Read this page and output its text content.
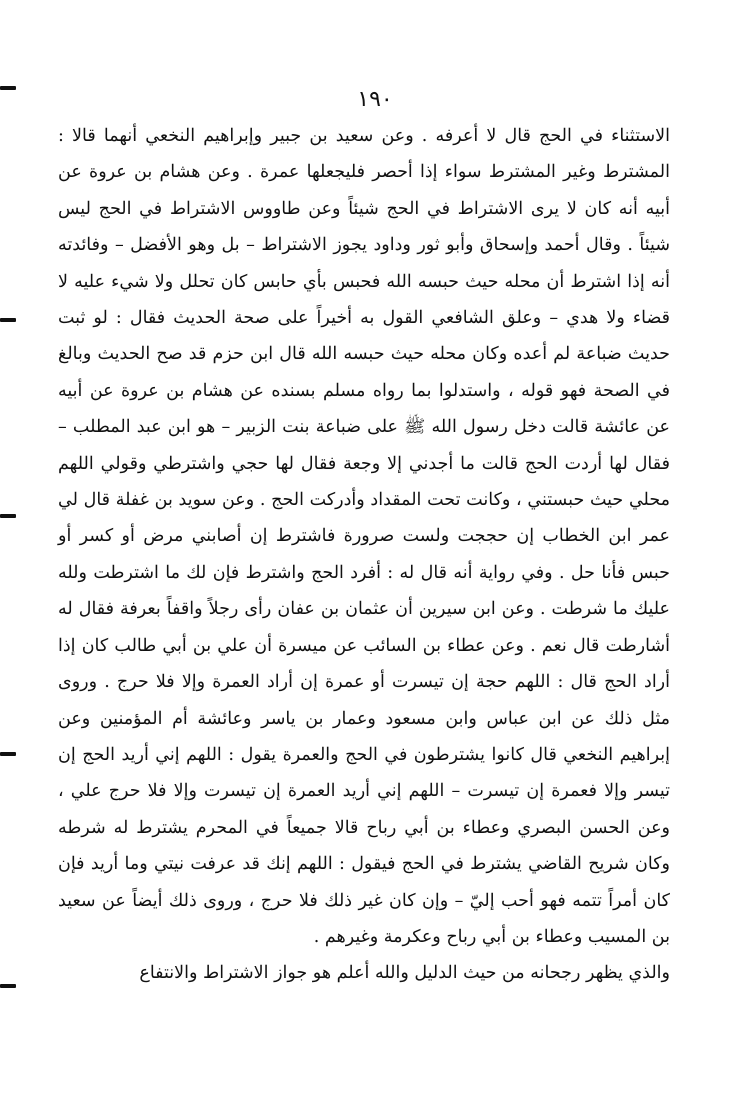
١٩٠

الاستثناء في الحج قال لا أعرفه . وعن سعيد بن جبير وإبراهيم النخعي أنهما قالا : المشترط وغير المشترط سواء إذا أحصر فليجعلها عمرة . وعن هشام بن عروة عن أبيه أنه كان لا يرى الاشتراط في الحج شيئاً وعن طاووس الاشتراط في الحج ليس شيئاً . وقال أحمد وإسحاق وأبو ثور وداود يجوز الاشتراط – بل وهو الأفضل – وفائدته أنه إذا اشترط أن محله حيث حبسه الله فحبس بأي حابس كان تحلل ولا شيء عليه لا قضاء ولا هدي – وعلق الشافعي القول به أخيراً على صحة الحديث فقال : لو ثبت حديث ضباعة لم أعده وكان محله حيث حبسه الله قال ابن حزم قد صح الحديث وبالغ في الصحة فهو قوله ، واستدلوا بما رواه مسلم بسنده عن هشام بن عروة عن أبيه عن عائشة قالت دخل رسول الله ﷺ على ضباعة بنت الزبير – هو ابن عبد المطلب – فقال لها أردت الحج قالت ما أجدني إلا وجعة فقال لها حجي واشترطي وقولي اللهم محلي حيث حبستني ، وكانت تحت المقداد وأدركت الحج . وعن سويد بن غفلة قال لي عمر ابن الخطاب إن حججت ولست صرورة فاشترط إن أصابني مرض أو كسر أو حبس فأنا حل . وفي رواية أنه قال له : أفرد الحج واشترط فإن لك ما اشترطت ولله عليك ما شرطت . وعن ابن سيرين أن عثمان بن عفان رأى رجلاً واقفاً بعرفة فقال له أشارطت قال نعم . وعن عطاء بن السائب عن ميسرة أن علي بن أبي طالب كان إذا أراد الحج قال : اللهم حجة إن تيسرت أو عمرة إن أراد العمرة وإلا فلا حرج . وروى مثل ذلك عن ابن عباس وابن مسعود وعمار بن ياسر وعائشة أم المؤمنين وعن إبراهيم النخعي قال كانوا يشترطون في الحج والعمرة يقول : اللهم إني أريد الحج إن تيسر وإلا فعمرة إن تيسرت – اللهم إني أريد العمرة إن تيسرت وإلا فلا حرج علي ، وعن الحسن البصري وعطاء بن أبي رباح قالا جميعاً في المحرم يشترط له شرطه وكان شريح القاضي يشترط في الحج فيقول : اللهم إنك قد عرفت نيتي وما أريد فإن كان أمراً تتمه فهو أحب إليّ – وإن كان غير ذلك فلا حرج ، وروى ذلك أيضاً عن سعيد بن المسيب وعطاء بن أبي رباح وعكرمة وغيرهم .

والذي يظهر رجحانه من حيث الدليل والله أعلم هو جواز الاشتراط والانتفاع
